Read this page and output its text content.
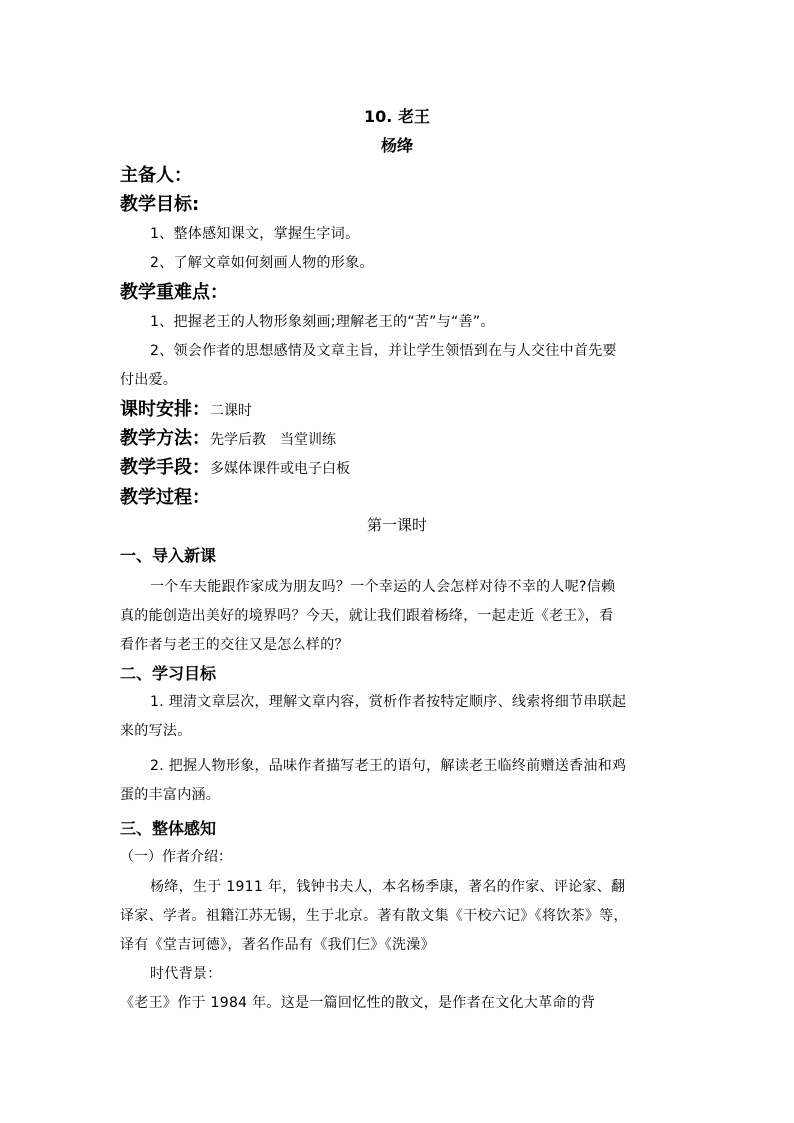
10. 老王
杨绛
主备人：
教学目标:
1、整体感知课文，掌握生字词。
2、了解文章如何刻画人物的形象。
教学重难点：
1、把握老王的人物形象刻画;理解老王的“苦”与“善”。
2、领会作者的思想感情及文章主旨，并让学生领悟到在与人交往中首先要
付出爱。
课时安排：二课时
教学方法：先学后教　当堂训练
教学手段：多媒体课件或电子白板
教学过程：
第一课时
一、导入新课
一个车夫能跟作家成为朋友吗？一个幸运的人会怎样对待不幸的人呢?信赖
真的能创造出美好的境界吗？今天，就让我们跟着杨绛，一起走近《老王》，看
看作者与老王的交往又是怎么样的？
二、学习目标
1. 理清文章层次，理解文章内容，赏析作者按特定顺序、线索将细节串联起
来的写法。
2. 把握人物形象，品味作者描写老王的语句，解读老王临终前赠送香油和鸡
蛋的丰富内涵。
三、整体感知
（一）作者介绍：
杨绛，生于 1911 年，钱钟书夫人，本名杨季康，著名的作家、评论家、翻
译家、学者。祖籍江苏无锡，生于北京。著有散文集《干校六记》《将饮茶》等，
译有《堂吉诃德》，著名作品有《我们仨》《洗澡》
时代背景：
《老王》作于 1984 年。这是一篇回忆性的散文，是作者在文化大革命的背
